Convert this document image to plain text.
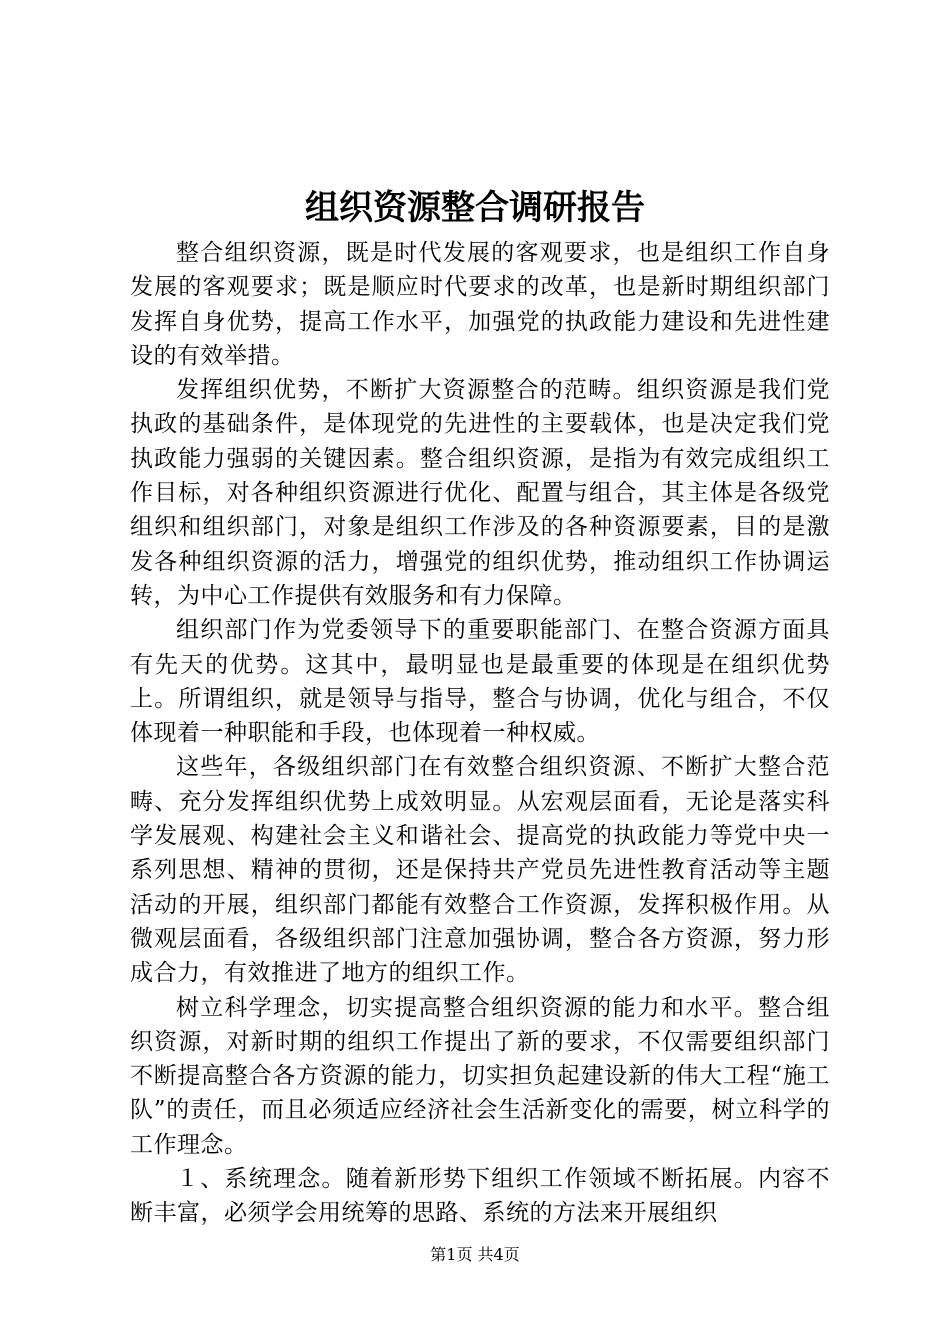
组织资源整合调研报告

整合组织资源，既是时代发展的客观要求，也是组织工作自身发展的客观要求；既是顺应时代要求的改革，也是新时期组织部门发挥自身优势，提高工作水平，加强党的执政能力建设和先进性建设的有效举措。

发挥组织优势，不断扩大资源整合的范畴。组织资源是我们党执政的基础条件，是体现党的先进性的主要载体，也是决定我们党执政能力强弱的关键因素。整合组织资源，是指为有效完成组织工作目标，对各种组织资源进行优化、配置与组合，其主体是各级党组织和组织部门，对象是组织工作涉及的各种资源要素，目的是激发各种组织资源的活力，增强党的组织优势，推动组织工作协调运转，为中心工作提供有效服务和有力保障。

组织部门作为党委领导下的重要职能部门、在整合资源方面具有先天的优势。这其中，最明显也是最重要的体现是在组织优势上。所谓组织，就是领导与指导，整合与协调，优化与组合，不仅体现着一种职能和手段，也体现着一种权威。

这些年，各级组织部门在有效整合组织资源、不断扩大整合范畴、充分发挥组织优势上成效明显。从宏观层面看，无论是落实科学发展观、构建社会主义和谐社会、提高党的执政能力等党中央一系列思想、精神的贯彻，还是保持共产党员先进性教育活动等主题活动的开展，组织部门都能有效整合工作资源，发挥积极作用。从微观层面看，各级组织部门注意加强协调，整合各方资源，努力形成合力，有效推进了地方的组织工作。

树立科学理念，切实提高整合组织资源的能力和水平。整合组织资源，对新时期的组织工作提出了新的要求，不仅需要组织部门不断提高整合各方资源的能力，切实担负起建设新的伟大工程“施工队”的责任，而且必须适应经济社会生活新变化的需要，树立科学的工作理念。

１、系统理念。随着新形势下组织工作领域不断拓展。内容不断丰富，必须学会用统筹的思路、系统的方法来开展组织

第1页 共4页
